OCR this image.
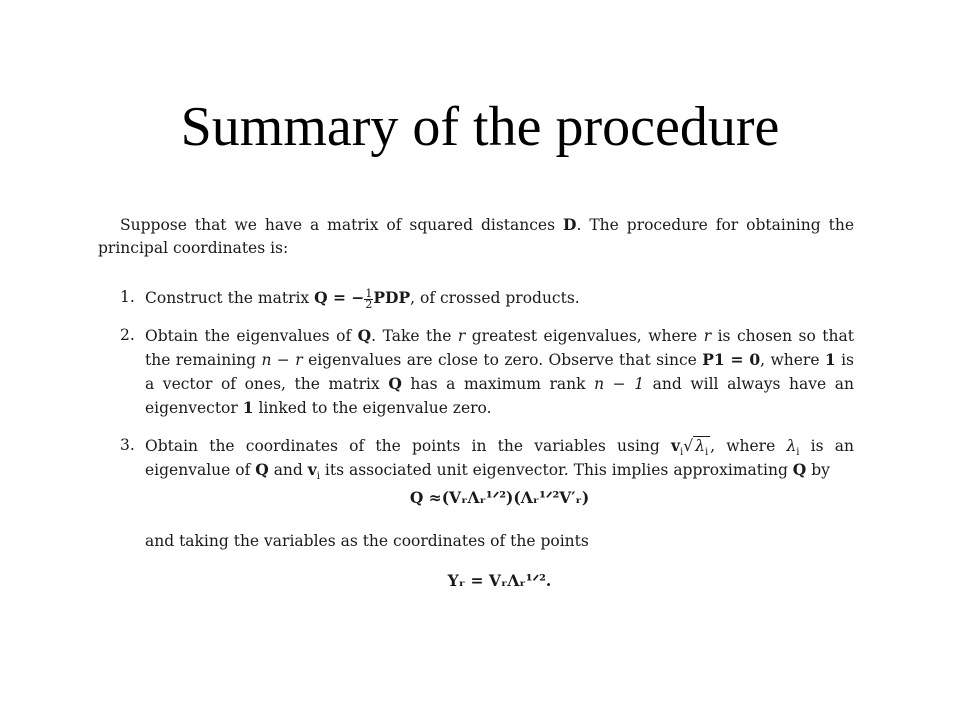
Summary of the procedure

Suppose that we have a matrix of squared distances D. The procedure for obtaining the principal coordinates is:

1. Construct the matrix Q = − $\frac{1}{2}$ PDP, of crossed products.
2. Obtain the eigenvalues of Q. Take the r greatest eigenvalues, where r is chosen so that the remaining n − r eigenvalues are close to zero. Observe that since P1 = 0, where 1 is a vector of ones, the matrix Q has a maximum rank n − 1 and will always have an eigenvector 1 linked to the eigenvalue zero.
3. Obtain the coordinates of the points in the variables using $v_i√$ $\lambda_i$ , where $\lambda_i$ is an eigenvalue of Q and $v_i$ its associated unit eigenvector. This implies approximating Q by
Q ≈(VᵣΛᵣ¹ᐟ²)(Λᵣ¹ᐟ²V′ᵣ)
and taking the variables as the coordinates of the points
Yᵣ = VᵣΛᵣ¹ᐟ².
